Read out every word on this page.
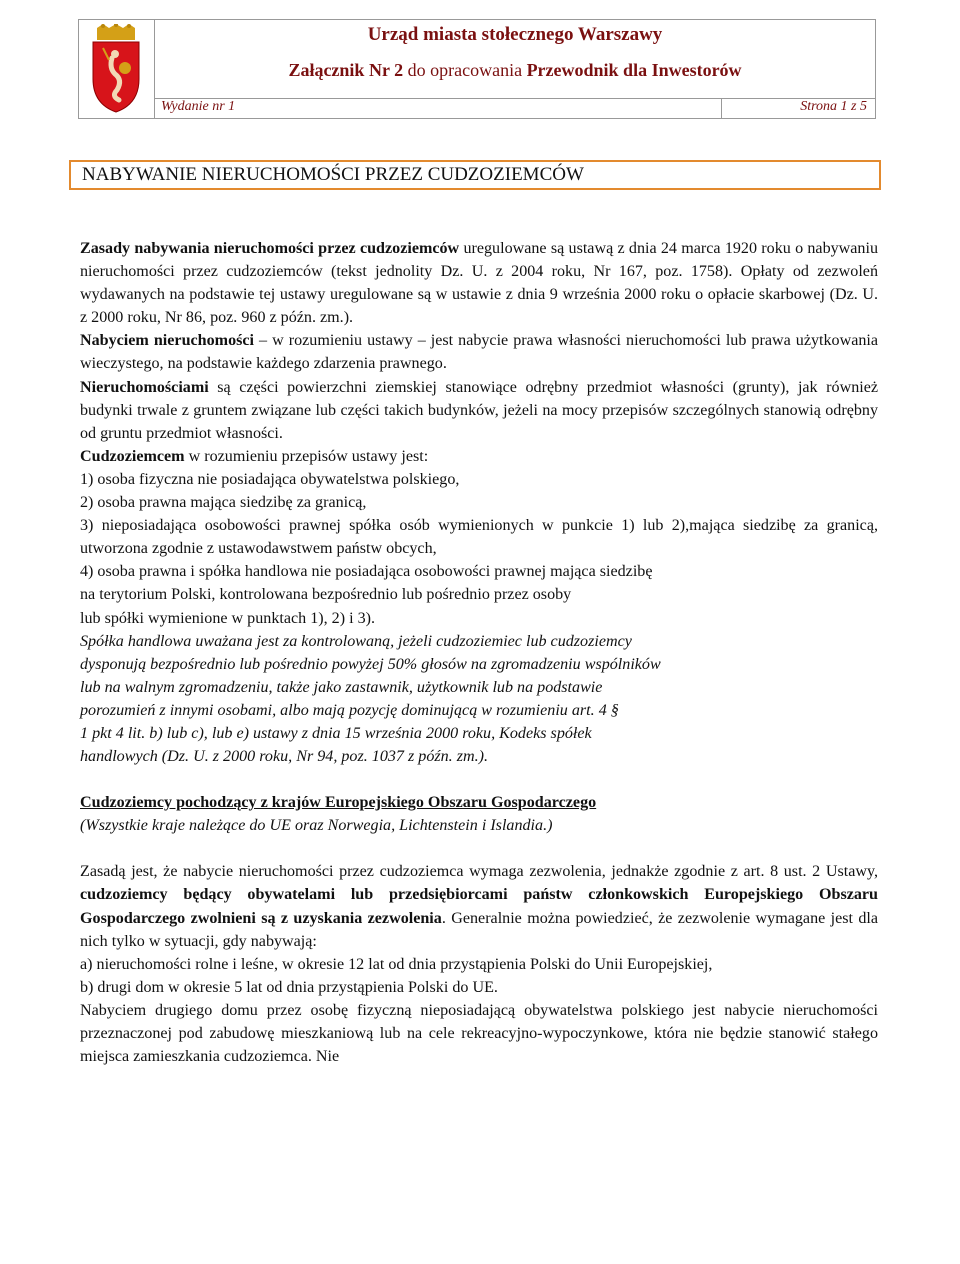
Urząd miasta stołecznego Warszawy
Załącznik Nr 2 do opracowania Przewodnik dla Inwestorów
Wydanie nr 1	Strona 1 z 5
NABYWANIE NIERUCHOMOŚCI PRZEZ CUDZOZIEMCÓW

Zasady nabywania nieruchomości przez cudzoziemców uregulowane są ustawą z dnia 24 marca 1920 roku o nabywaniu nieruchomości przez cudzoziemców (tekst jednolity Dz. U. z 2004 roku, Nr 167, poz. 1758). Opłaty od zezwoleń wydawanych na podstawie tej ustawy uregulowane są w ustawie z dnia 9 września 2000 roku o opłacie skarbowej (Dz. U. z 2000 roku, Nr 86, poz. 960 z późn. zm.).

Nabyciem nieruchomości – w rozumieniu ustawy – jest nabycie prawa własności nieruchomości lub prawa użytkowania wieczystego, na podstawie każdego zdarzenia prawnego.

Nieruchomościami są części powierzchni ziemskiej stanowiące odrębny przedmiot własności (grunty), jak również budynki trwale z gruntem związane lub części takich budynków, jeżeli na mocy przepisów szczególnych stanowią odrębny od gruntu przedmiot własności.

Cudzoziemcem w rozumieniu przepisów ustawy jest:

1) osoba fizyczna nie posiadająca obywatelstwa polskiego,

2) osoba prawna mająca siedzibę za granicą,

3) nieposiadająca osobowości prawnej spółka osób wymienionych w punkcie 1) lub 2),mająca siedzibę za granicą, utworzona zgodnie z ustawodawstwem państw obcych,

4) osoba prawna i spółka handlowa nie posiadająca osobowości prawnej mająca siedzibę

na terytorium Polski, kontrolowana bezpośrednio lub pośrednio przez osoby

lub spółki wymienione w punktach 1), 2) i 3).

Spółka handlowa uważana jest za kontrolowaną, jeżeli cudzoziemiec lub cudzoziemcy

dysponują bezpośrednio lub pośrednio powyżej 50% głosów na zgromadzeniu wspólników

lub na walnym zgromadzeniu, także jako zastawnik, użytkownik lub na podstawie

porozumień z innymi osobami, albo mają pozycję dominującą w rozumieniu art. 4 §

1 pkt 4 lit. b) lub c), lub e) ustawy z dnia 15 września 2000 roku, Kodeks spółek

handlowych (Dz. U. z 2000 roku, Nr 94, poz. 1037 z późn. zm.).

Cudzoziemcy pochodzący z krajów Europejskiego Obszaru Gospodarczego

(Wszystkie kraje należące do UE oraz Norwegia, Lichtenstein i Islandia.)

Zasadą jest, że nabycie nieruchomości przez cudzoziemca wymaga zezwolenia, jednakże zgodnie z art. 8 ust. 2 Ustawy, cudzoziemcy będący obywatelami lub przedsiębiorcami państw członkowskich Europejskiego Obszaru Gospodarczego zwolnieni są z uzyskania zezwolenia. Generalnie można powiedzieć, że zezwolenie wymagane jest dla nich tylko w sytuacji, gdy nabywają:

a) nieruchomości rolne i leśne, w okresie 12 lat od dnia przystąpienia Polski do Unii Europejskiej,

b) drugi dom w okresie 5 lat od dnia przystąpienia Polski do UE.

Nabyciem drugiego domu przez osobę fizyczną nieposiadającą obywatelstwa polskiego jest nabycie nieruchomości przeznaczonej pod zabudowę mieszkaniową lub na cele rekreacyjno-wypoczynkowe, która nie będzie stanowić stałego miejsca zamieszkania cudzoziemca. Nie
